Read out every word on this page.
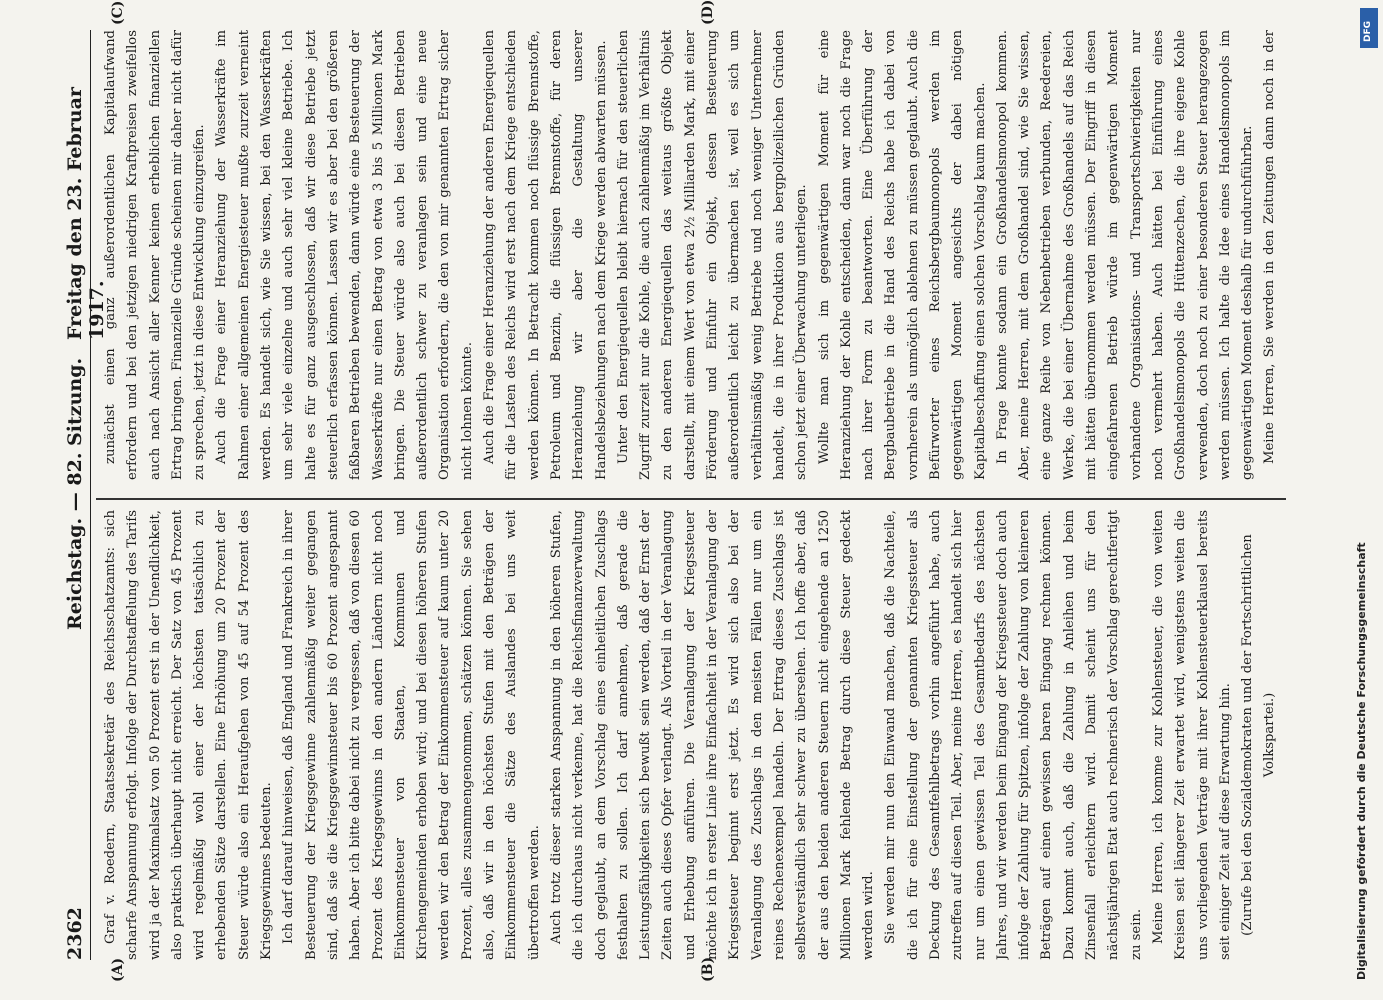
2362
Reichstag. — 82. Sitzung.
Freitag den 23. Februar 1917.
(A)	(B)
(C)	(D)

Graf v. Roedern, Staatssekretär des Reichsschatzamts: sich scharfe Anspannung erfolgt. Infolge der Durchstaffelung des Tarifs wird ja der Maximalsatz von 50 Prozent erst in der Unendlichkeit, also praktisch überhaupt nicht erreicht. Der Satz von 45 Prozent wird regelmäßig wohl einer der höchsten tatsächlich zu erhebenden Sätze darstellen. Eine Erhöhung um 20 Prozent der Steuer würde also ein Heraufgehen von 45 auf 54 Prozent des Kriegsgewinnes bedeuten. Ich darf darauf hinweisen, daß England und Frankreich in ihrer Besteuerung der Kriegsgewinne zahlenmäßig weiter gegangen sind, daß sie die Kriegsgewinnsteuer bis 60 Prozent angespannt haben. Aber ich bitte dabei nicht zu vergessen, daß von diesen 60 Prozent des Kriegsgewinns in den andern Ländern nicht noch Einkommensteuer von Staaten, Kommunen und Kirchengemeinden erhoben wird; und bei diesen höheren Stufen werden wir den Betrag der Einkommensteuer auf kaum unter 20 Prozent, alles zusammengenommen, schätzen können. Sie sehen also, daß wir in den höchsten Stufen mit den Beträgen der Einkommensteuer die Sätze des Auslandes bei uns weit übertroffen werden. Auch trotz dieser starken Anspannung in den höheren Stufen, die ich durchaus nicht verkenne, hat die Reichsfinanzverwaltung doch geglaubt, an dem Vorschlag eines einheitlichen Zuschlags festhalten zu sollen. Ich darf annehmen, daß gerade die Leistungsfähigkeiten sich bewußt sein werden, daß der Ernst der Zeiten auch dieses Opfer verlangt. Als Vorteil in der Veranlagung und Erhebung anführen. Die Veranlagung der Kriegssteuer möchte ich in erster Linie ihre Einfachheit in der Veranlagung der Kriegssteuer beginnt erst jetzt. Es wird sich also bei der Veranlagung des Zuschlags in den meisten Fällen nur um ein reines Rechenexempel handeln. Der Ertrag dieses Zuschlags ist selbstverständlich sehr schwer zu übersehen. Ich hoffe aber, daß der aus den beiden anderen Steuern nicht eingehende an 1250 Millionen Mark fehlende Betrag durch diese Steuer gedeckt werden wird. Sie werden mir nun den Einwand machen, daß die Nachteile, die ich für eine Einstellung der genannten Kriegssteuer als Deckung des Gesamtfehlbetrags vorhin angeführt habe, auch zutreffen auf diesen Teil. Aber, meine Herren, es handelt sich hier nur um einen gewissen Teil des Gesamtbedarfs des nächsten Jahres, und wir werden beim Eingang der Kriegssteuer doch auch infolge der Zahlung für Spitzen, infolge der Zahlung von kleineren Beträgen auf einen gewissen baren Eingang rechnen können. Dazu kommt auch, daß die Zahlung in Anleihen und beim Zinsenfall erleichtern wird. Damit scheint uns für den nächstjährigen Etat auch rechnerisch der Vorschlag gerechtfertigt zu sein. Meine Herren, ich komme zur Kohlensteuer, die von weiten Kreisen seit längerer Zeit erwartet wird, wenigstens weiten die uns vorliegenden Verträge mit ihrer Kohlensteuerklausel bereits seit einiger Zeit auf diese Erwartung hin. (Zurufe bei den Sozialdemokraten und der Fortschrittlichen Volkspartei.)

zunächst einen ganz außerordentlichen Kapitalaufwand erfordern und bei den jetzigen niedrigen Kraftpreisen zweifellos auch nach Ansicht aller Kenner keinen erheblichen finanziellen Ertrag bringen. Finanzielle Gründe scheinen mir daher nicht dafür zu sprechen, jetzt in diese Entwicklung einzugreifen. Auch die Frage einer Heranziehung der Wasserkräfte im Rahmen einer allgemeinen Energiesteuer mußte zurzeit verneint werden. Es handelt sich, wie Sie wissen, bei den Wasserkräften um sehr viele einzelne und auch sehr viel kleine Betriebe. Ich halte es für ganz ausgeschlossen, daß wir diese Betriebe jetzt steuerlich erfassen können. Lassen wir es aber bei den größeren faßbaren Betrieben bewenden, dann würde eine Besteuerung der Wasserkräfte nur einen Betrag von etwa 3 bis 5 Millionen Mark bringen. Die Steuer würde also auch bei diesen Betrieben außerordentlich schwer zu veranlagen sein und eine neue Organisation erfordern, die den von mir genannten Ertrag sicher nicht lohnen könnte. Auch die Frage einer Heranziehung der anderen Energiequellen für die Lasten des Reichs wird erst nach dem Kriege entschieden werden können. In Betracht kommen noch flüssige Brennstoffe, Petroleum und Benzin, die flüssigen Brennstoffe, für deren Heranziehung wir aber die Gestaltung unserer Handelsbeziehungen nach dem Kriege werden abwarten müssen. Unter den Energiequellen bleibt hiernach für den steuerlichen Zugriff zurzeit nur die Kohle, die auch zahlenmäßig im Verhältnis zu den anderen Energiequellen das weitaus größte Objekt darstellt, mit einem Wert von etwa 2½ Milliarden Mark, mit einer Förderung und Einfuhr ein Objekt, dessen Besteuerung außerordentlich leicht zu übermachen ist, weil es sich um verhältnismäßig wenig Betriebe und noch weniger Unternehmer handelt, die in ihrer Produktion aus bergpolizeilichen Gründen schon jetzt einer Überwachung unterliegen. Wollte man sich im gegenwärtigen Moment für eine Heranziehung der Kohle entscheiden, dann war noch die Frage nach ihrer Form zu beantworten. Eine Überführung der Bergbaubetriebe in die Hand des Reichs habe ich dabei von vornherein als unmöglich ablehnen zu müssen geglaubt. Auch die Befürworter eines Reichsbergbaumonopols werden im gegenwärtigen Moment angesichts der dabei nötigen Kapitalbeschaffung einen solchen Vorschlag kaum machen. In Frage konnte sodann ein Großhandelsmonopol kommen. Aber, meine Herren, mit dem Großhandel sind, wie Sie wissen, eine ganze Reihe von Nebenbetrieben verbunden, Reedereien, Werke, die bei einer Übernahme des Großhandels auf das Reich mit hätten übernommen werden müssen. Der Eingriff in diesen eingefahrenen Betrieb würde im gegenwärtigen Moment vorhandene Organisations- und Transportschwierigkeiten nur noch vermehrt haben. Auch hätten bei Einführung eines Großhandelsmonopols die Hüttenzechen, die ihre eigene Kohle verwenden, doch noch zu einer besonderen Steuer herangezogen werden müssen. Ich halte die Idee eines Handelsmonopols im gegenwärtigen Moment deshalb für undurchführbar. Meine Herren, Sie werden in den Zeitungen dann noch in der

Digitalisierung gefördert durch die Deutsche Forschungsgemeinschaft
DFG
